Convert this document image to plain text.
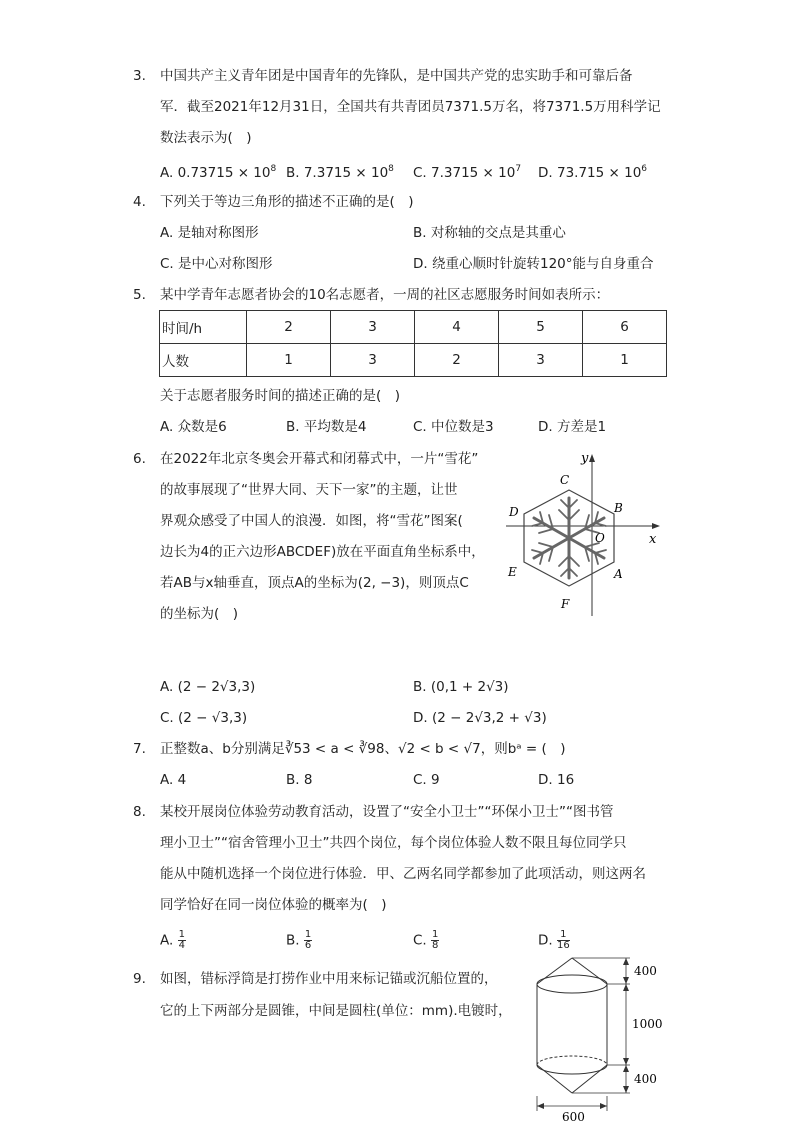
3.	中国共产主义青年团是中国青年的先锋队，是中国共产党的忠实助手和可靠后备
军．截至2021年12月31日，全国共有共青团员7371.5万名，将7371.5万用科学记
数法表示为(　)
A. $0.73715 \times 10^8$ B. $7.3715 \times 10^8$ C. $7.3715 \times 10^7$ D. $73.715 \times 10^6$
4.	下列关于等边三角形的描述不正确的是(　)
A. 是轴对称图形	B. 对称轴的交点是其重心
C. 是中心对称图形	D. 绕重心顺时针旋转120°能与自身重合
5.	某中学青年志愿者协会的10名志愿者，一周的社区志愿服务时间如表所示：
时间/h	2	3	4	5	6
人数	1	3	2	3	1
关于志愿者服务时间的描述正确的是(　)
A. 众数是6	B. 平均数是4	C. 中位数是3	D. 方差是1
6.	在2022年北京冬奥会开幕式和闭幕式中，一片“雪花”
的故事展现了“世界大同、天下一家”的主题，让世
界观众感受了中国人的浪漫．如图，将“雪花”图案(
边长为4的正六边形ABCDEF)放在平面直角坐标系中，
若AB与x轴垂直，顶点A的坐标为(2, −3)，则顶点C
的坐标为(　)
y
x
O
A
B
C
D
E
F
A. (2 − 2√3,3)	B. (0,1 + 2√3)
C. (2 − √3,3)	D. (2 − 2√3,2 + √3)
7.	正整数a、b分别满足∛53 < a < ∛98、√2 < b < √7，则bᵃ = (　)
A. 4	B. 8	C. 9	D. 16
8.	某校开展岗位体验劳动教育活动，设置了“安全小卫士”“环保小卫士”“图书管
理小卫士”“宿舍管理小卫士”共四个岗位，每个岗位体验人数不限且每位同学只
能从中随机选择一个岗位进行体验．甲、乙两名同学都参加了此项活动，则这两名
同学恰好在同一岗位体验的概率为(　)
A. $\frac{1}{4}$	B. $\frac{1}{6}$	C. $\frac{1}{8}$	D. $\frac{1}{16}$
9.	如图，错标浮筒是打捞作业中用来标记锚或沉船位置的，
它的上下两部分是圆锥，中间是圆柱(单位：mm).电镀时，
400
1000
400
600
